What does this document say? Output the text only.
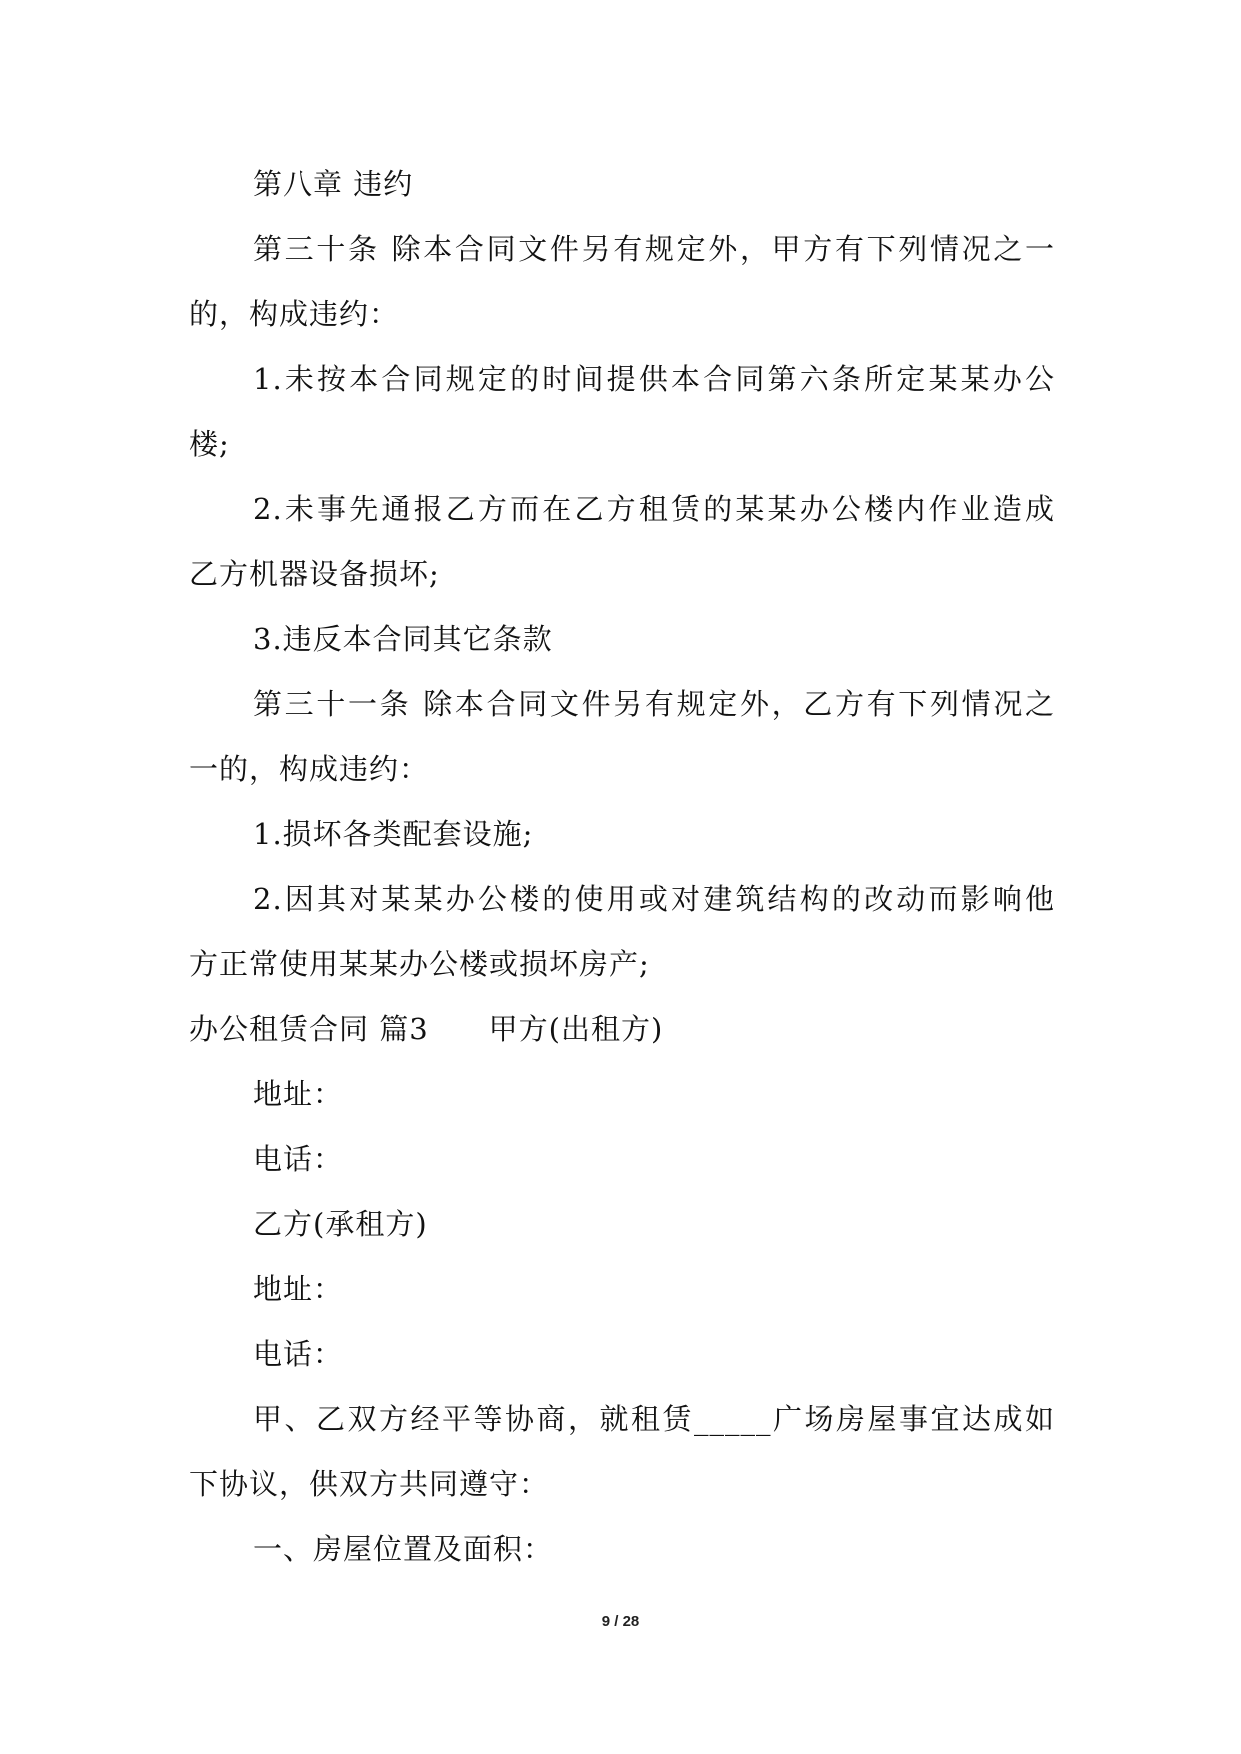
第八章 违约
第三十条 除本合同文件另有规定外，甲方有下列情况之一
的，构成违约：
1.未按本合同规定的时间提供本合同第六条所定某某办公
楼;
2.未事先通报乙方而在乙方租赁的某某办公楼内作业造成
乙方机器设备损坏;
3.违反本合同其它条款
第三十一条 除本合同文件另有规定外，乙方有下列情况之
一的，构成违约：
1.损坏各类配套设施;
2.因其对某某办公楼的使用或对建筑结构的改动而影响他
方正常使用某某办公楼或损坏房产;
办公租赁合同 篇3 甲方(出租方)
地址：
电话：
乙方(承租方)
地址：
电话：
甲、乙双方经平等协商，就租赁_____广场房屋事宜达成如
下协议，供双方共同遵守：
一、房屋位置及面积：
9 / 28
